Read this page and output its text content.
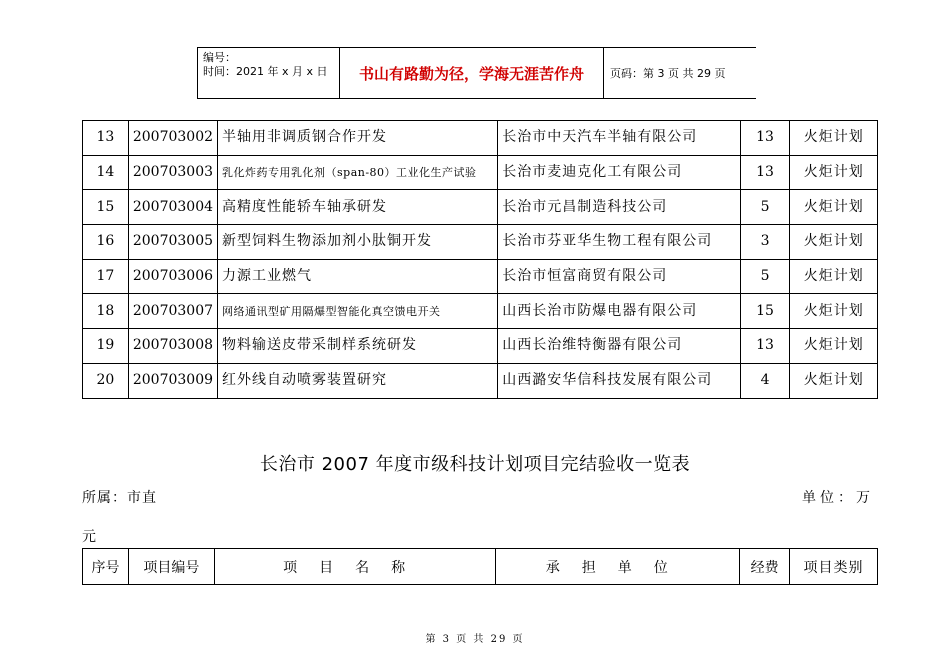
编号：
时间：2021 年 x 月 x 日	书山有路勤为径，学海无涯苦作舟	页码：第 3 页 共 29 页
13	200703002	半轴用非调质钢合作开发	长治市中天汽车半轴有限公司	13	火炬计划
14	200703003	乳化炸药专用乳化剂（span-80）工业化生产试验	长治市麦迪克化工有限公司	13	火炬计划
15	200703004	高精度性能轿车轴承研发	长治市元昌制造科技公司	5	火炬计划
16	200703005	新型饲料生物添加剂小肽铜开发	长治市芬亚华生物工程有限公司	3	火炬计划
17	200703006	力源工业燃气	长治市恒富商贸有限公司	5	火炬计划
18	200703007	网络通讯型矿用隔爆型智能化真空馈电开关	山西长治市防爆电器有限公司	15	火炬计划
19	200703008	物料输送皮带采制样系统研发	山西长治维特衡器有限公司	13	火炬计划
20	200703009	红外线自动喷雾装置研究	山西潞安华信科技发展有限公司	4	火炬计划
长治市 2007 年度市级科技计划项目完结验收一览表
所属：市直	单位：万
元
序号	项目编号	项目名称	承担单位	经费	项目类别
第 3 页 共 29 页
